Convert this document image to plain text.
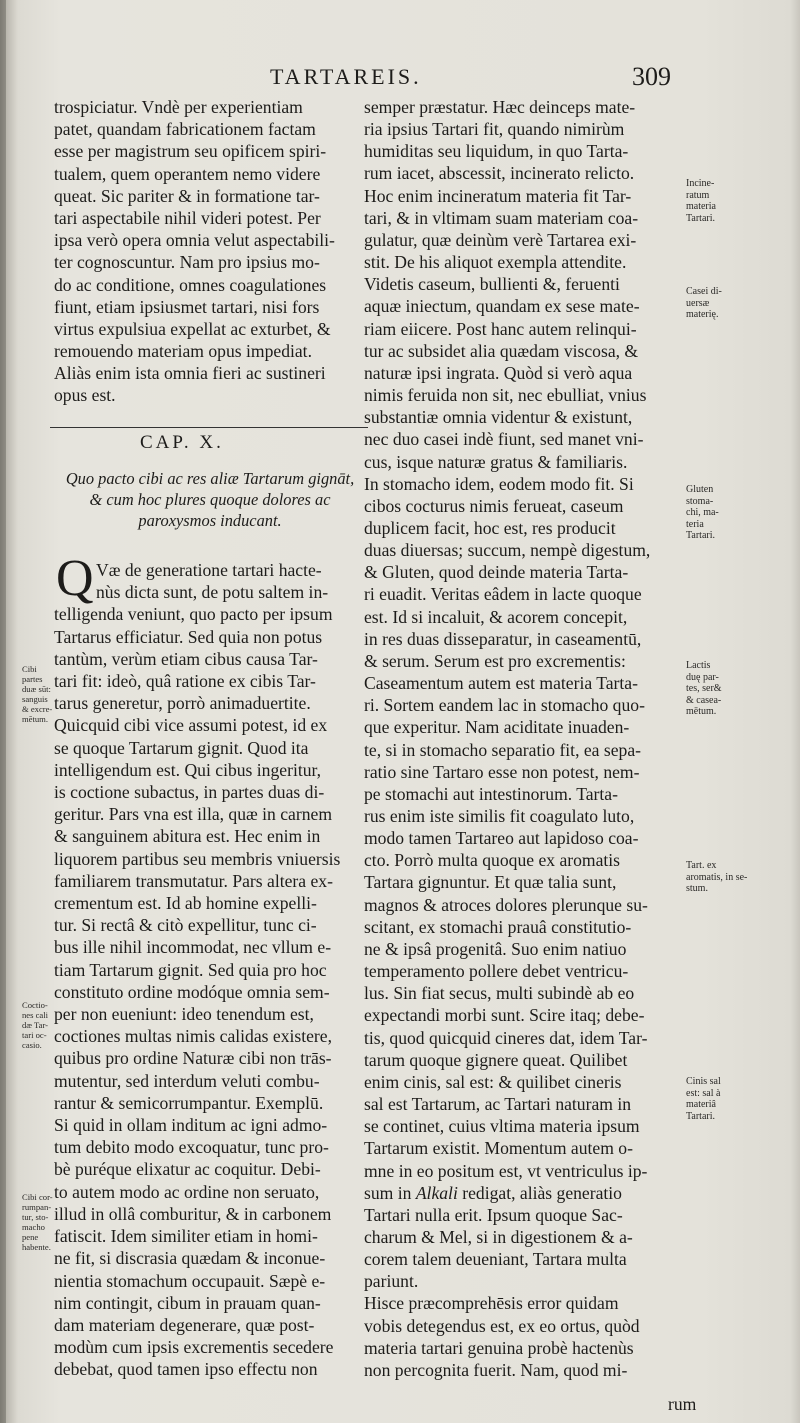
TARTAREIS.	309
trospiciatur. Vndè per experientiam
patet, quandam fabricationem factam
esse per magistrum seu opificem spiri-
tualem, quem operantem nemo videre
queat. Sic pariter & in formatione tar-
tari aspectabile nihil videri potest. Per
ipsa verò opera omnia velut aspectabili-
ter cognoscuntur. Nam pro ipsius mo-
do ac conditione, omnes coagulationes
fiunt, etiam ipsiusmet tartari, nisi fors
virtus expulsiua expellat ac exturbet, &
remouendo materiam opus impediat.
Aliàs enim ista omnia fieri ac sustineri
opus est.
CAP. X.
Quo pacto cibi ac res aliæ Tartarum gignāt,
& cum hoc plures quoque dolores ac
paroxysmos inducant.
Q Væ de generatione tartari hacte-
nùs dicta sunt, de potu saltem in-
telligenda veniunt, quo pacto per ipsum
Tartarus efficiatur. Sed quia non potus
tantùm, verùm etiam cibus causa Tar-
tari fit: ideò, quâ ratione ex cibis Tar-
tarus generetur, porrò animaduertite.
Quicquid cibi vice assumi potest, id ex
se quoque Tartarum gignit. Quod ita
intelligendum est. Qui cibus ingeritur,
is coctione subactus, in partes duas di-
geritur. Pars vna est illa, quæ in carnem
& sanguinem abitura est. Hec enim in
liquorem partibus seu membris vniuersis
familiarem transmutatur. Pars altera ex-
crementum est. Id ab homine expelli-
tur. Si rectâ & citò expellitur, tunc ci-
bus ille nihil incommodat, nec vllum e-
tiam Tartarum gignit. Sed quia pro hoc
constituto ordine modóque omnia sem-
per non eueniunt: ideo tenendum est,
coctiones multas nimis calidas existere,
quibus pro ordine Naturæ cibi non trās-
mutentur, sed interdum veluti combu-
rantur & semicorrumpantur. Exemplū.
Si quid in ollam inditum ac igni admo-
tum debito modo excoquatur, tunc pro-
bè puréque elixatur ac coquitur. Debi-
to autem modo ac ordine non seruato,
illud in ollâ comburitur, & in carbonem
fatiscit. Idem similiter etiam in homi-
ne fit, si discrasia quædam & inconue-
nientia stomachum occupauit. Sæpè e-
nim contingit, cibum in prauam quan-
dam materiam degenerare, quæ post-
modùm cum ipsis excrementis secedere
debebat, quod tamen ipso effectu non
semper præstatur. Hæc deinceps mate-
ria ipsius Tartari fit, quando nimirùm
humiditas seu liquidum, in quo Tarta-
rum iacet, abscessit, incinerato relicto.
Hoc enim incineratum materia fit Tar-
tari, & in vltimam suam materiam coa-
gulatur, quæ deinùm verè Tartarea exi-
stit. De his aliquot exempla attendite.
Videtis caseum, bullienti &, feruenti
aquæ iniectum, quandam ex sese mate-
riam eiicere. Post hanc autem relinqui-
tur ac subsidet alia quædam viscosa, &
naturæ ipsi ingrata. Quòd si verò aqua
nimis feruida non sit, nec ebulliat, vnius
substantiæ omnia videntur & existunt,
nec duo casei indè fiunt, sed manet vni-
cus, isque naturæ gratus & familiaris.
In stomacho idem, eodem modo fit. Si
cibos cocturus nimis ferueat, caseum
duplicem facit, hoc est, res producit
duas diuersas; succum, nempè digestum,
& Gluten, quod deinde materia Tarta-
ri euadit. Veritas eâdem in lacte quoque
est. Id si incaluit, & acorem concepit,
in res duas disseparatur, in caseamentū,
& serum. Serum est pro excrementis:
Caseamentum autem est materia Tarta-
ri. Sortem eandem lac in stomacho quo-
que experitur. Nam aciditate inuaden-
te, si in stomacho separatio fit, ea sepa-
ratio sine Tartaro esse non potest, nem-
pe stomachi aut intestinorum. Tarta-
rus enim iste similis fit coagulato luto,
modo tamen Tartareo aut lapidoso coa-
cto. Porrò multa quoque ex aromatis
Tartara gignuntur. Et quæ talia sunt,
magnos & atroces dolores plerunque su-
scitant, ex stomachi prauâ constitutio-
ne & ipsâ progenitâ. Suo enim natiuo
temperamento pollere debet ventricu-
lus. Sin fiat secus, multi subindè ab eo
expectandi morbi sunt. Scire itaq; debe-
tis, quod quicquid cineres dat, idem Tar-
tarum quoque gignere queat. Quilibet
enim cinis, sal est: & quilibet cineris
sal est Tartarum, ac Tartari naturam in
se continet, cuius vltima materia ipsum
Tartarum existit. Momentum autem o-
mne in eo positum est, vt ventriculus ip-
sum in Alkali redigat, aliàs generatio
Tartari nulla erit. Ipsum quoque Sac-
charum & Mel, si in digestionem & a-
corem talem deueniant, Tartara multa
pariunt.
Hisce præcomprehēsis error quidam
vobis detegendus est, ex eo ortus, quòd
materia tartari genuina probè hactenùs
non percognita fuerit. Nam, quod mi-
rum
Incine-
ratum
materia
Tartari.
Casei di-
uersæ
materię.
Gluten
stoma-
chi, ma-
teria
Tartari.
Lactis
duę par-
tes, ser&
& casea-
mētum.
Tart. ex
aromatis, in se-
stum.
Cinis sal
est: sal à
materiâ
Tartari.
Cibi
partes
duæ sūt:
sanguis
& excre-
mētum.
Coctio-
nes cali
dæ Tar-
tari oc-
casio.
Cibi cor-
rumpan-
tur, sto-
macho
pene
habente.
